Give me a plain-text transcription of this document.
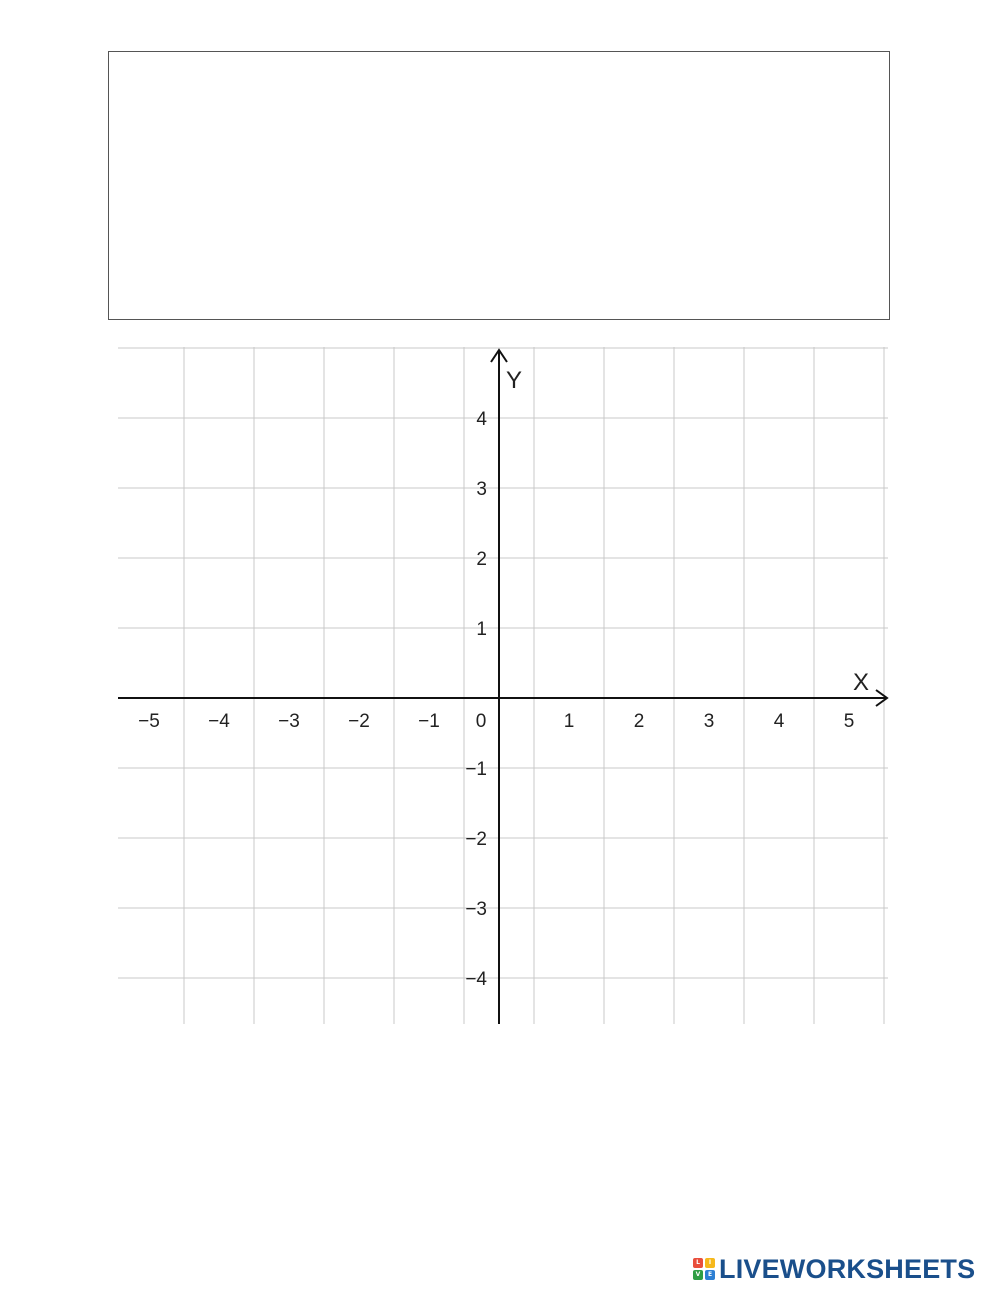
−5	−4	−3	−2	−1 0	1	2	3	4	5
−4
−3
−2
−1
1
2
3
4
X
Y
L	I
V	E LIVEWORKSHEETS
